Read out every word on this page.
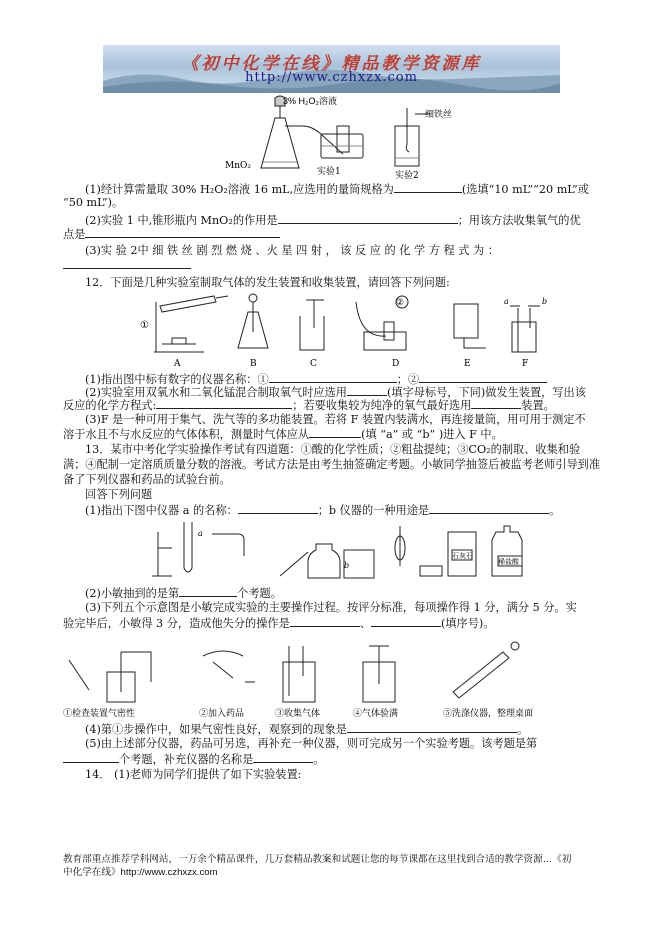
《初中化学在线》精品教学资源库
http://www.czhxzx.com
3% H₂O₂溶液
MnO₂
实验1	实验2
细铁丝
(1)经计算需量取 30% H₂O₂溶液 16 mL,应选用的量筒规格为	(选填“10 mL”“20 mL”或
“50 mL”)。
(2)实验 1 中,锥形瓶内 MnO₂的作用是	；用该方法收集氧气的优
点是
(3)实 验 2中 细 铁 丝 剧 烈 燃 烧 、火 星 四 射 ， 该 反 应 的 化 学 方 程 式 为 ：
12．下面是几种实验室制取气体的发生装置和收集装置，请回答下列问题:
①
②	a	b
A	B	C	D	E	F
(1)指出图中标有数字的仪器名称：①	；②
(2)实验室用双氧水和二氧化锰混合制取氧气时应选用	(填字母标号，下同)做发生装置，写出该
反应的化学方程式:	；若要收集较为纯净的氧气最好选用	装置。
(3)F 是一种可用于集气、洗气等的多功能装置。若将 F 装置内装满水，再连接量筒，用可用于测定不
溶于水且不与水反应的气体体积，测量时气体应从	(填 “a” 或 “b” )进入 F 中。
13．某市中考化学实验操作考试有四道题：①酸的化学性质；②粗盐提纯；③CO₂的制取、收集和验
满；④配制一定溶质质量分数的溶液。考试方法是由考生抽签确定考题。小敏同学抽签后被监考老师引导到准
备了下列仪器和药品的试验台前。
回答下列问题
(1)指出下图中仪器 a 的名称：	；b 仪器的一种用途是	。
a
b
石灰石
稀盐酸
(2)小敏抽到的是第	个考题。
(3)下列五个示意图是小敏完成实验的主要操作过程。按评分标准，每项操作得 1 分，满分 5 分。实
验完毕后，小敏得 3 分，造成他失分的操作是	、	(填序号)。
①检查装置气密性	②加入药品	③收集气体	④气体验满	⑤洗涤仪器，整理桌面
(4)第①步操作中，如果气密性良好，观察到的现象是	。
(5)由上述部分仪器，药品可另选，再补充一种仪器，则可完成另一个实验考题。该考题是第
个考题，补充仪器的名称是	。
14． (1)老师为同学们提供了如下实验装置:
教育部重点推荐学科网站，一万余个精品课件，几万套精品教案和试题让您的每节课都在这里找到合适的教学资源…《初
中化学在线》http://www.czhxzx.com
